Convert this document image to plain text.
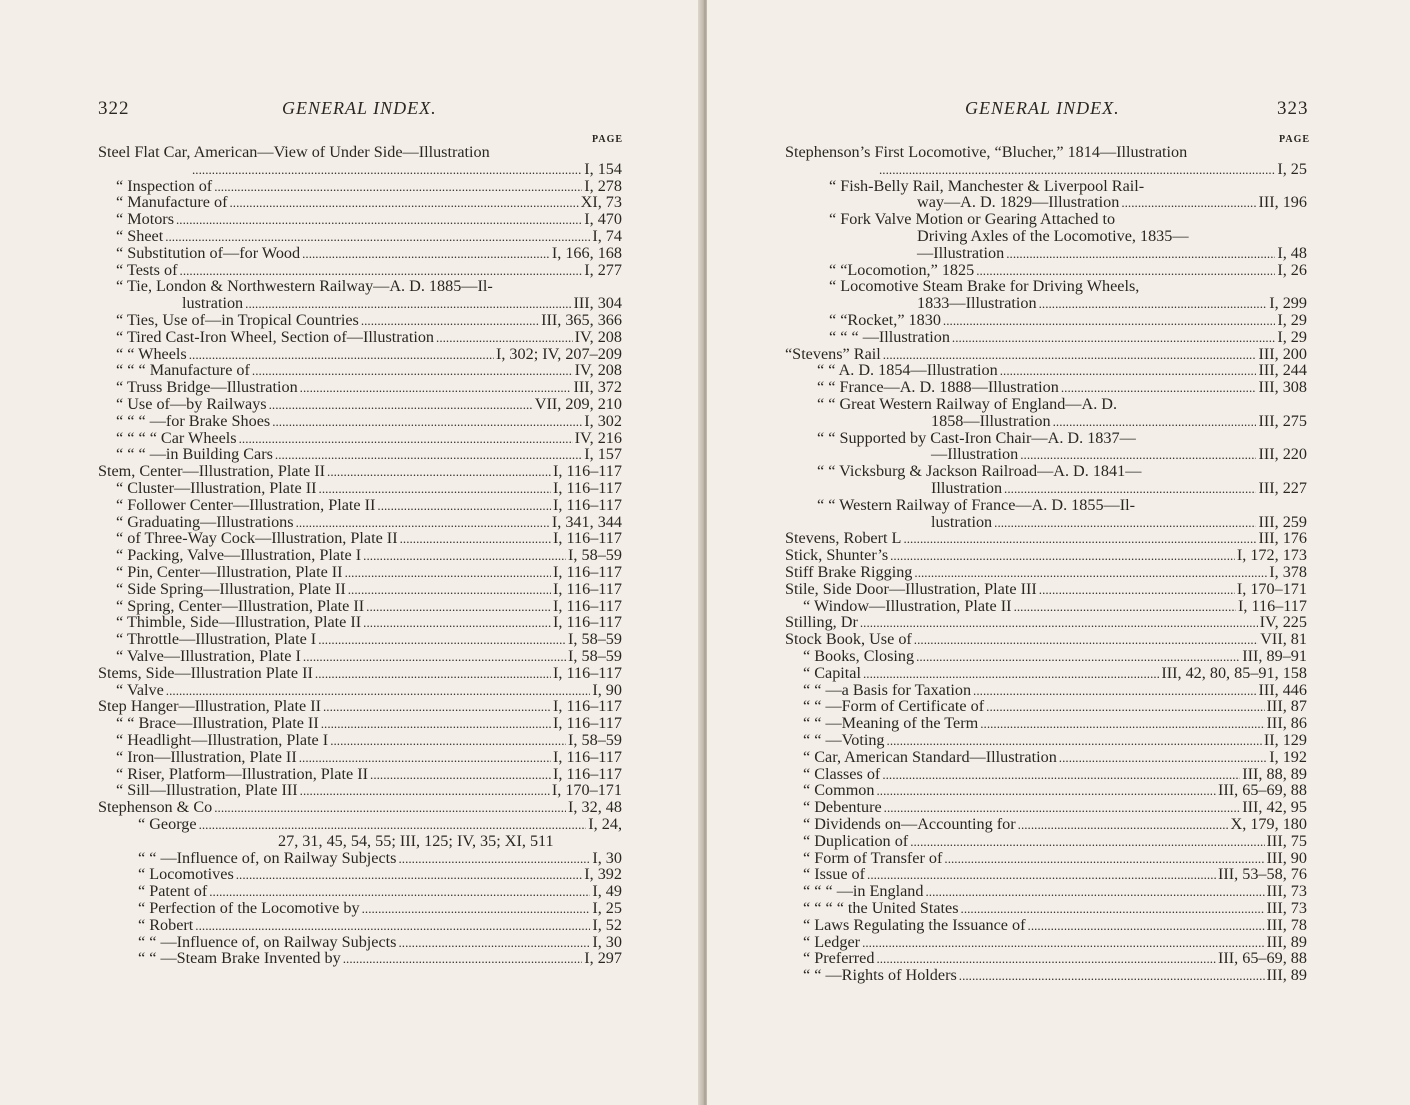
322	GENERAL INDEX.
PAGE
Steel Flat Car, American—View of Under Side—Illustration
. . .
I, 154
“ Inspection of . . .	I, 278
“ Manufacture of . . .	XI, 73
“ Motors . . .	I, 470
“ Sheet . . .	I, 74
“ Substitution of—for Wood . . .	I, 166, 168
“ Tests of . . .	I, 277
“ Tie, London & Northwestern Railway—A. D. 1885—Il-
lustration . . .	III, 304
“ Ties, Use of—in Tropical Countries . . .	III, 365, 366
“ Tired Cast-Iron Wheel, Section of—Illustration . . .	IV, 208
“ “ Wheels . . .	I, 302; IV, 207–209
“ “ “ Manufacture of . . .	IV, 208
“ Truss Bridge—Illustration . . .	III, 372
“ Use of—by Railways . . .	VII, 209, 210
“ “ “ —for Brake Shoes . . .	I, 302
“ “ “ “ Car Wheels . . .	IV, 216
“ “ “ —in Building Cars . . .	I, 157
Stem, Center—Illustration, Plate II . . .	I, 116–117
“ Cluster—Illustration, Plate II . . .	I, 116–117
“ Follower Center—Illustration, Plate II . . .	I, 116–117
“ Graduating—Illustrations . . .	I, 341, 344
“ of Three-Way Cock—Illustration, Plate II . . .	I, 116–117
“ Packing, Valve—Illustration, Plate I . . .	I, 58–59
“ Pin, Center—Illustration, Plate II . . .	I, 116–117
“ Side Spring—Illustration, Plate II . . .	I, 116–117
“ Spring, Center—Illustration, Plate II . . .	I, 116–117
“ Thimble, Side—Illustration, Plate II . . .	I, 116–117
“ Throttle—Illustration, Plate I . . .	I, 58–59
“ Valve—Illustration, Plate I . . .	I, 58–59
Stems, Side—Illustration Plate II . . .	I, 116–117
“ Valve . . .	I, 90
Step Hanger—Illustration, Plate II . . .	I, 116–117
“ “ Brace—Illustration, Plate II . . .	I, 116–117
“ Headlight—Illustration, Plate I . . .	I, 58–59
“ Iron—Illustration, Plate II . . .	I, 116–117
“ Riser, Platform—Illustration, Plate II . . .	I, 116–117
“ Sill—Illustration, Plate III . . .	I, 170–171
Stephenson & Co . . .	I, 32, 48
“ George . . .	I, 24,
27, 31, 45, 54, 55; III, 125; IV, 35; XI, 511
“ “ —Influence of, on Railway Subjects . . .	I, 30
“ Locomotives . . .	I, 392
“ Patent of . . .	I, 49
“ Perfection of the Locomotive by . . .	I, 25
“ Robert . . .	I, 52
“ “ —Influence of, on Railway Subjects . . .	I, 30
“ “ —Steam Brake Invented by . . .	I, 297
GENERAL INDEX.	323
PAGE
Stephenson’s First Locomotive, “Blucher,” 1814—Illustration
. . .
I, 25
“ Fish-Belly Rail, Manchester & Liverpool Rail-
way—A. D. 1829—Illustration . . .	III, 196
“ Fork Valve Motion or Gearing Attached to
Driving Axles of the Locomotive, 1835—
—Illustration . . .	I, 48
“ “Locomotion,” 1825 . . .	I, 26
“ Locomotive Steam Brake for Driving Wheels,
1833—Illustration . . .	I, 299
“ “Rocket,” 1830 . . .	I, 29
“ “ “ —Illustration . . .	I, 29
“Stevens” Rail . . .	III, 200
“ “ A. D. 1854—Illustration . . .	III, 244
“ “ France—A. D. 1888—Illustration . . .	III, 308
“ “ Great Western Railway of England—A. D.
1858—Illustration . . .	III, 275
“ “ Supported by Cast-Iron Chair—A. D. 1837—
—Illustration . . .	III, 220
“ “ Vicksburg & Jackson Railroad—A. D. 1841—
Illustration . . .	III, 227
“ “ Western Railway of France—A. D. 1855—Il-
lustration . . .	III, 259
Stevens, Robert L . . .	III, 176
Stick, Shunter’s . . .	I, 172, 173
Stiff Brake Rigging . . .	I, 378
Stile, Side Door—Illustration, Plate III . . .	I, 170–171
“ Window—Illustration, Plate II . . .	I, 116–117
Stilling, Dr . . .	IV, 225
Stock Book, Use of . . .	VII, 81
“ Books, Closing . . .	III, 89–91
“ Capital . . .	III, 42, 80, 85–91, 158
“ “ —a Basis for Taxation . . .	III, 446
“ “ —Form of Certificate of . . .	III, 87
“ “ —Meaning of the Term . . .	III, 86
“ “ —Voting . . .	II, 129
“ Car, American Standard—Illustration . . .	I, 192
“ Classes of . . .	III, 88, 89
“ Common . . .	III, 65–69, 88
“ Debenture . . .	III, 42, 95
“ Dividends on—Accounting for . . .	X, 179, 180
“ Duplication of . . .	III, 75
“ Form of Transfer of . . .	III, 90
“ Issue of . . .	III, 53–58, 76
“ “ “ —in England . . .	III, 73
“ “ “ “ the United States . . .	III, 73
“ Laws Regulating the Issuance of . . .	III, 78
“ Ledger . . .	III, 89
“ Preferred . . .	III, 65–69, 88
“ “ —Rights of Holders . . .	III, 89
